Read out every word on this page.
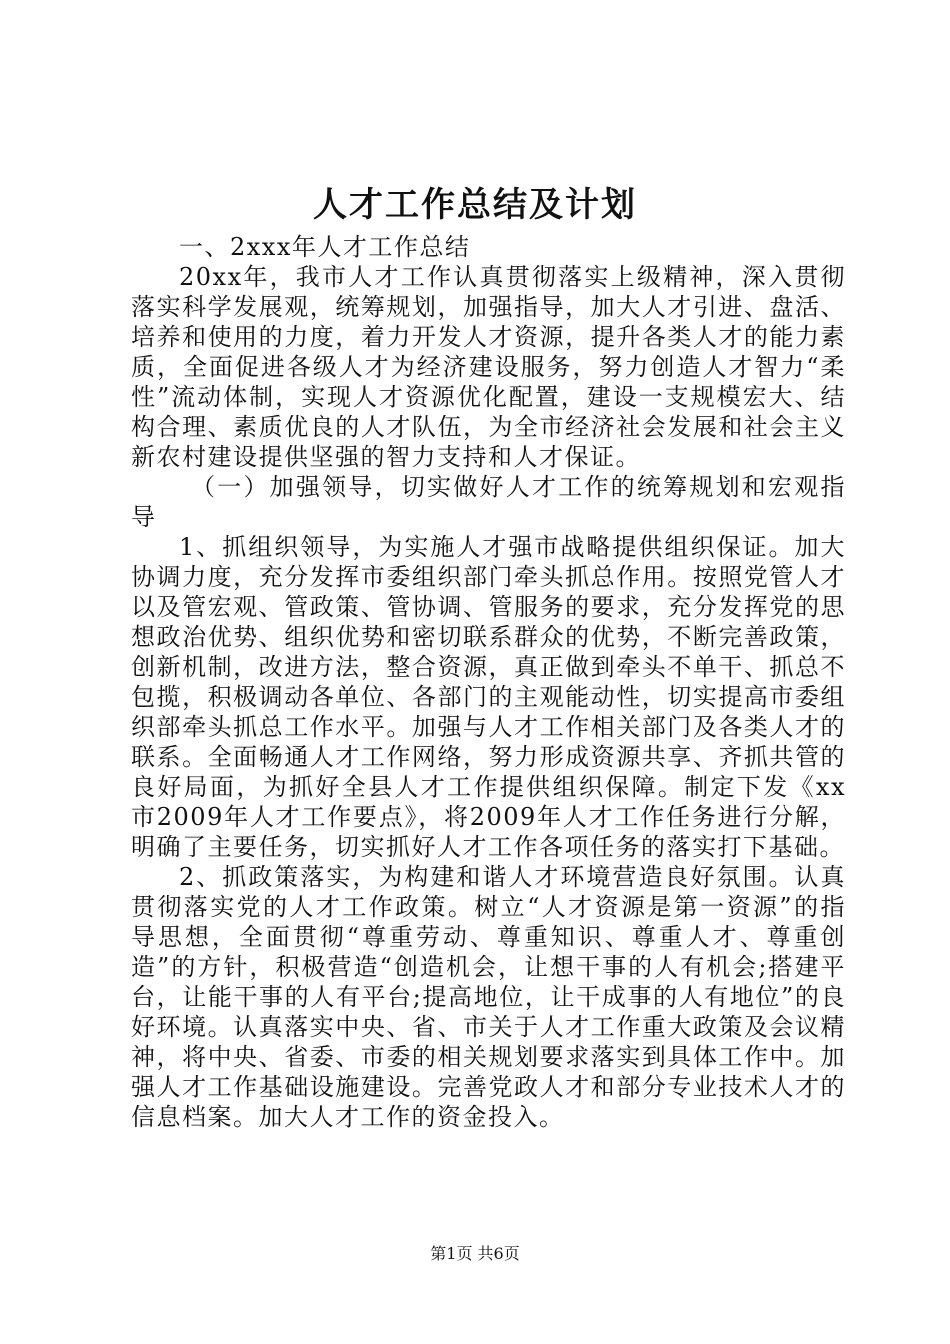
人才工作总结及计划

一、2xxx年人才工作总结

20xx年，我市人才工作认真贯彻落实上级精神，深入贯彻落实科学发展观，统筹规划，加强指导，加大人才引进、盘活、培养和使用的力度，着力开发人才资源，提升各类人才的能力素质，全面促进各级人才为经济建设服务，努力创造人才智力“柔性”流动体制，实现人才资源优化配置，建设一支规模宏大、结构合理、素质优良的人才队伍，为全市经济社会发展和社会主义新农村建设提供坚强的智力支持和人才保证。

（一）加强领导，切实做好人才工作的统筹规划和宏观指导

1、抓组织领导，为实施人才强市战略提供组织保证。加大协调力度，充分发挥市委组织部门牵头抓总作用。按照党管人才以及管宏观、管政策、管协调、管服务的要求，充分发挥党的思想政治优势、组织优势和密切联系群众的优势，不断完善政策，创新机制，改进方法，整合资源，真正做到牵头不单干、抓总不包揽，积极调动各单位、各部门的主观能动性，切实提高市委组织部牵头抓总工作水平。加强与人才工作相关部门及各类人才的联系。全面畅通人才工作网络，努力形成资源共享、齐抓共管的良好局面，为抓好全县人才工作提供组织保障。制定下发《xx市2009年人才工作要点》，将2009年人才工作任务进行分解，明确了主要任务，切实抓好人才工作各项任务的落实打下基础。

2、抓政策落实，为构建和谐人才环境营造良好氛围。认真贯彻落实党的人才工作政策。树立“人才资源是第一资源”的指导思想，全面贯彻“尊重劳动、尊重知识、尊重人才、尊重创造”的方针，积极营造“创造机会，让想干事的人有机会;搭建平台，让能干事的人有平台;提高地位，让干成事的人有地位”的良好环境。认真落实中央、省、市关于人才工作重大政策及会议精神，将中央、省委、市委的相关规划要求落实到具体工作中。加强人才工作基础设施建设。完善党政人才和部分专业技术人才的信息档案。加大人才工作的资金投入。

第1页 共6页
